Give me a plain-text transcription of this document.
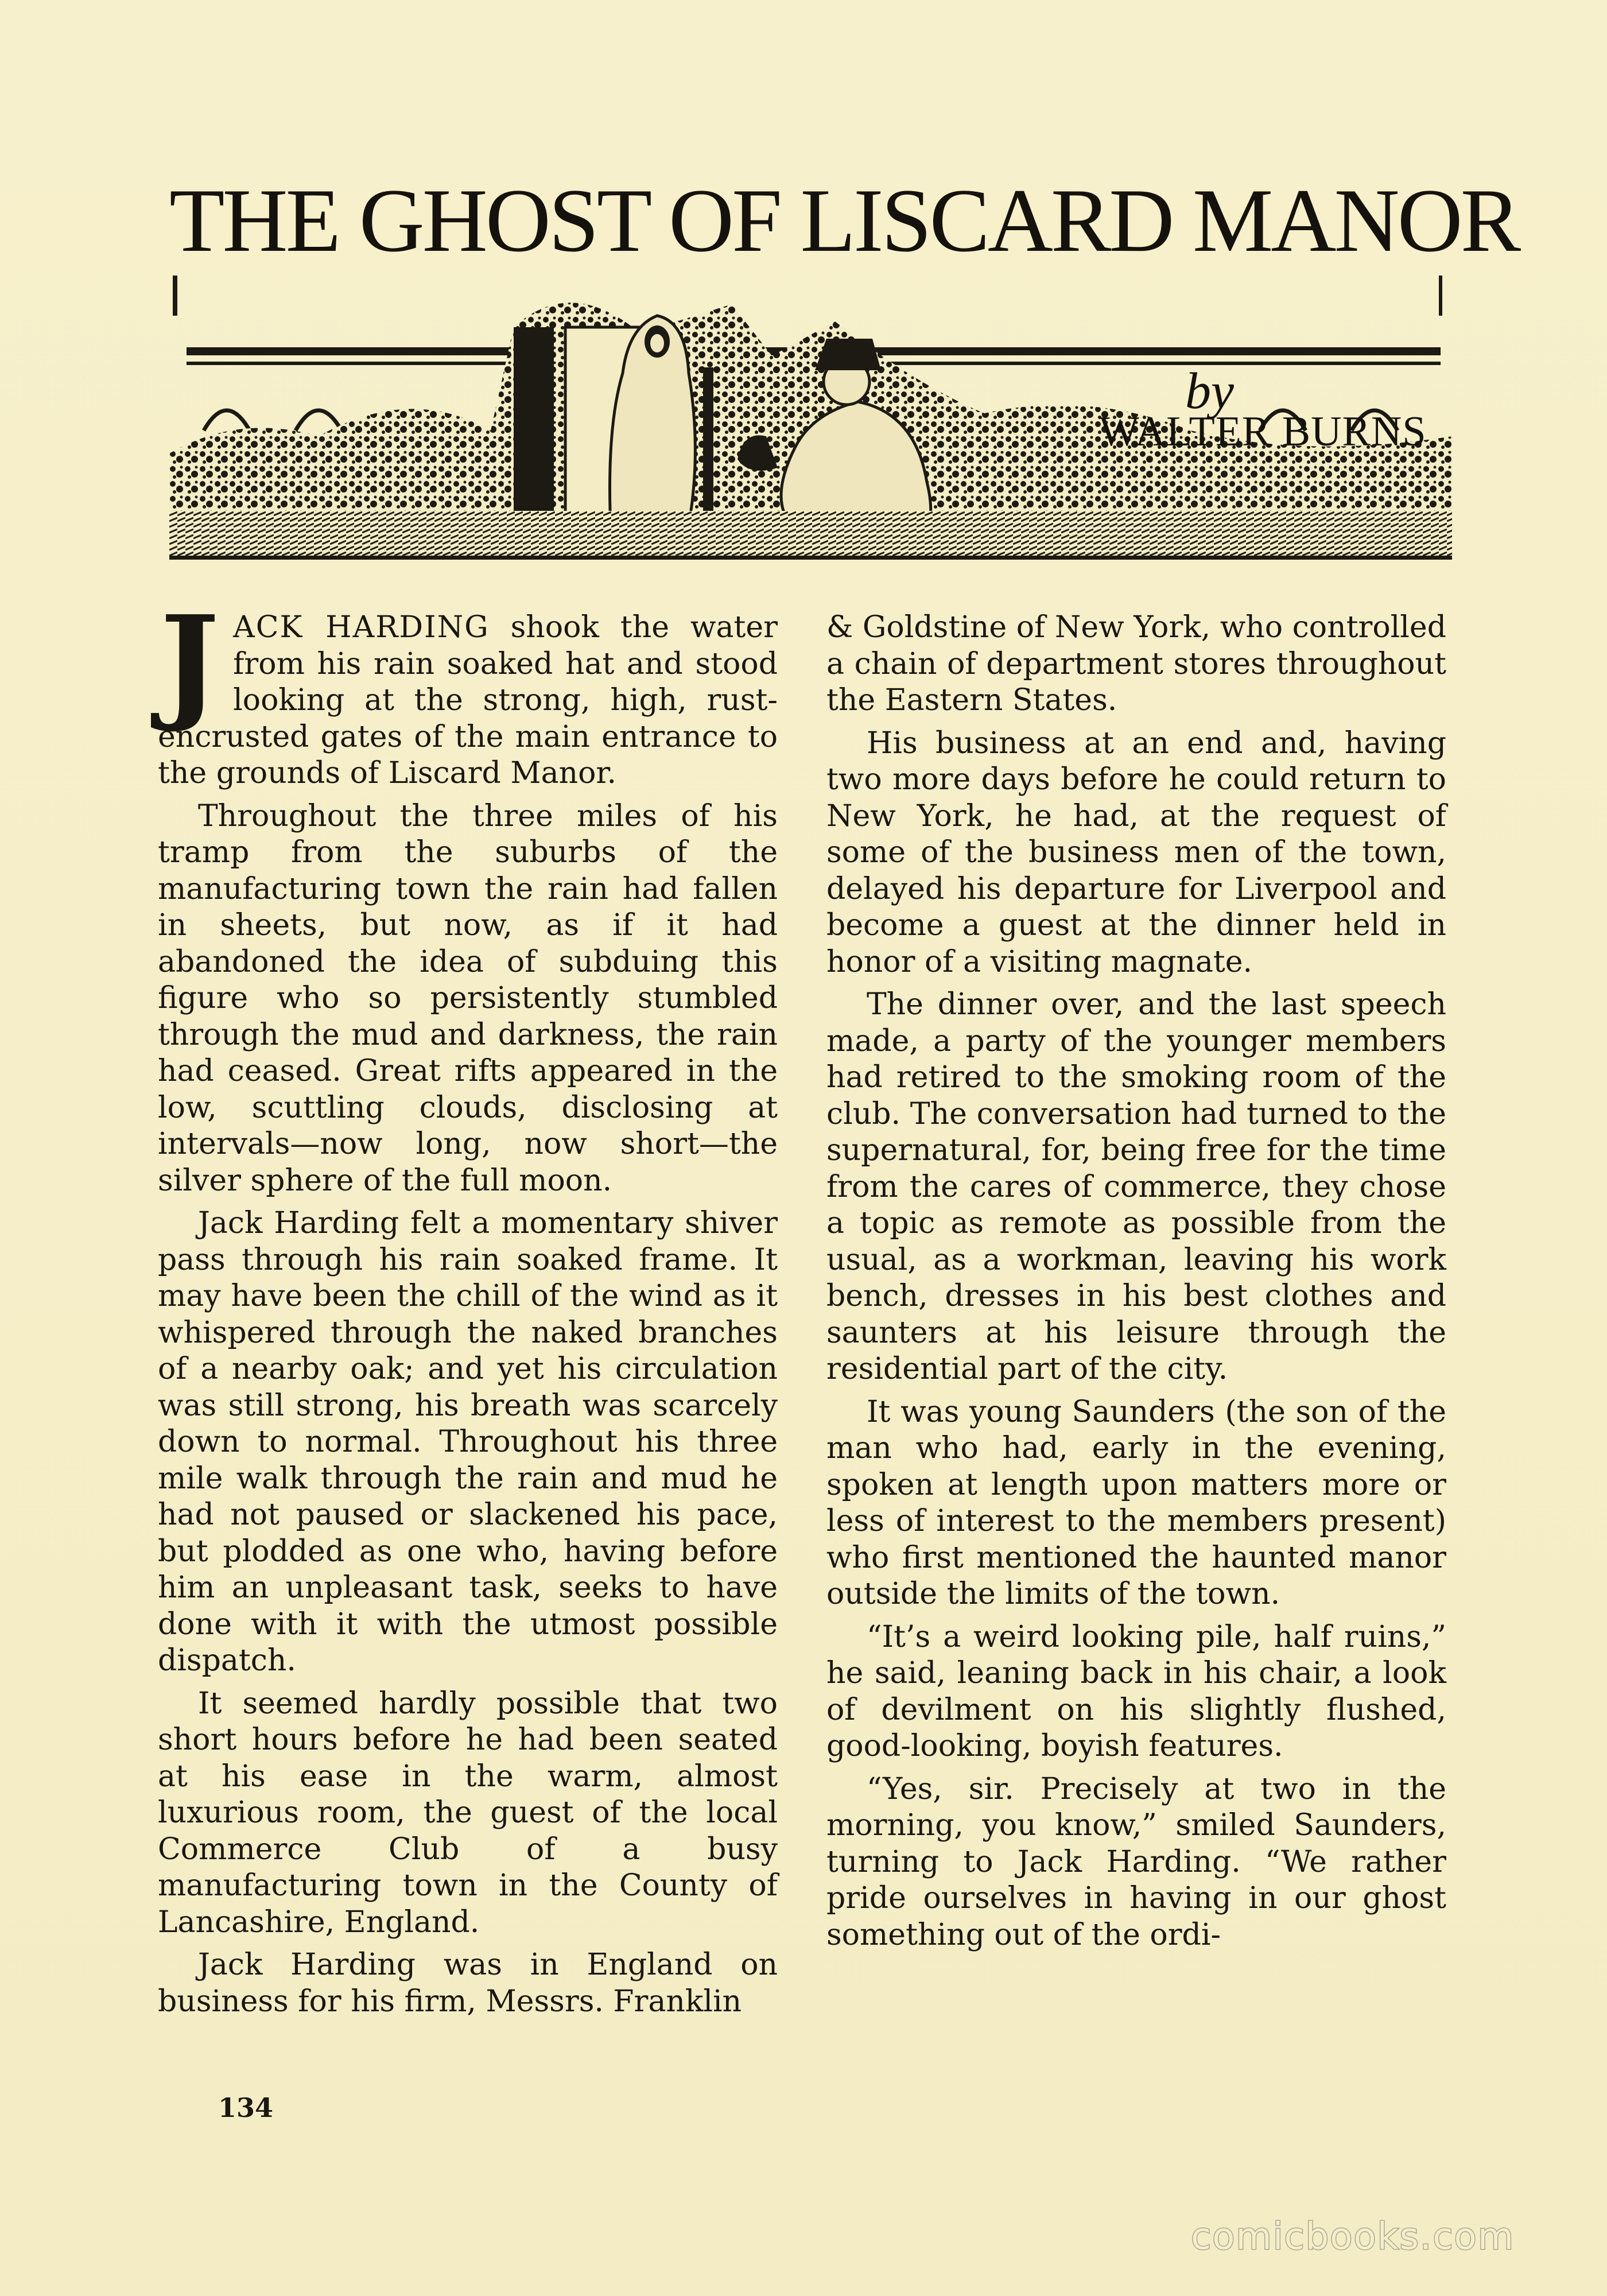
THE GHOST OF LISCARD MANOR
by
WALTER BURNS

JACK HARDING shook the water from his rain soaked hat and stood looking at the strong, high, rust-encrusted gates of the main entrance to the grounds of Liscard Manor.

Throughout the three miles of his tramp from the suburbs of the manufacturing town the rain had fallen in sheets, but now, as if it had abandoned the idea of subduing this figure who so persistently stumbled through the mud and darkness, the rain had ceased. Great rifts appeared in the low, scuttling clouds, disclosing at intervals—now long, now short—the silver sphere of the full moon.

Jack Harding felt a momentary shiver pass through his rain soaked frame. It may have been the chill of the wind as it whispered through the naked branches of a nearby oak; and yet his circulation was still strong, his breath was scarcely down to normal. Throughout his three mile walk through the rain and mud he had not paused or slackened his pace, but plodded as one who, having before him an unpleasant task, seeks to have done with it with the utmost possible dispatch.

It seemed hardly possible that two short hours before he had been seated at his ease in the warm, almost luxurious room, the guest of the local Commerce Club of a busy manufacturing town in the County of Lancashire, England.

Jack Harding was in England on business for his firm, Messrs. Franklin

& Goldstine of New York, who controlled a chain of department stores throughout the Eastern States.

His business at an end and, having two more days before he could return to New York, he had, at the request of some of the business men of the town, delayed his departure for Liverpool and become a guest at the dinner held in honor of a visiting magnate.

The dinner over, and the last speech made, a party of the younger members had retired to the smoking room of the club. The conversation had turned to the supernatural, for, being free for the time from the cares of commerce, they chose a topic as remote as possible from the usual, as a workman, leaving his work bench, dresses in his best clothes and saunters at his leisure through the residential part of the city.

It was young Saunders (the son of the man who had, early in the evening, spoken at length upon matters more or less of interest to the members present) who first mentioned the haunted manor outside the limits of the town.

“It’s a weird looking pile, half ruins,” he said, leaning back in his chair, a look of devilment on his slightly flushed, good-looking, boyish features.

“Yes, sir. Precisely at two in the morning, you know,” smiled Saunders, turning to Jack Harding. “We rather pride ourselves in having in our ghost something out of the ordi-

134
comicbooks.com
